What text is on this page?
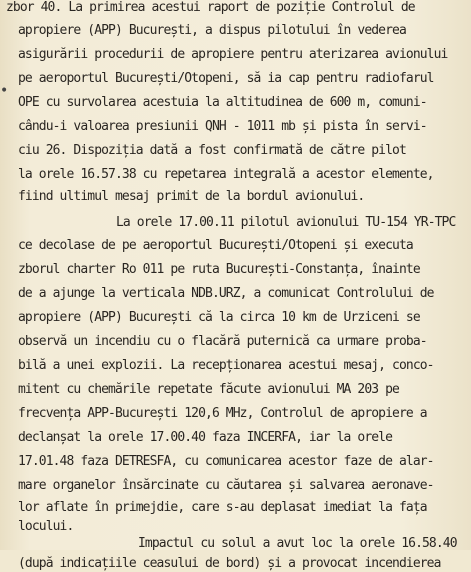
•
zbor 40. La primirea acestui raport de poziție Controlul de
apropiere (APP) București, a dispus pilotului în vederea
asigurării procedurii de apropiere pentru aterizarea avionului
pe aeroportul București/Otopeni, să ia cap pentru radiofarul
OPE cu survolarea acestuia la altitudinea de 600 m, comuni-
cându-i valoarea presiunii QNH - 1011 mb și pista în servi-
ciu 26. Dispoziția dată a fost confirmată de către pilot
la orele 16.57.38 cu repetarea integrală a acestor elemente,
fiind ultimul mesaj primit de la bordul avionului.
La orele 17.00.11 pilotul avionului TU-154 YR-TPC
ce decolase de pe aeroportul București/Otopeni și executa
zborul charter Ro 011 pe ruta București-Constanța, înainte
de a ajunge la verticala NDB.URZ, a comunicat Controlului de
apropiere (APP) București că la circa 10 km de Urziceni se
observă un incendiu cu o flacără puternică ca urmare proba-
bilă a unei explozii. La recepționarea acestui mesaj, conco-
mitent cu chemările repetate făcute avionului MA 203 pe
frecvența APP-București 120,6 MHz, Controlul de apropiere a
declanșat la orele 17.00.40 faza INCERFA, iar la orele
17.01.48 faza DETRESFA, cu comunicarea acestor faze de alar-
mare organelor însărcinate cu căutarea și salvarea aeronave-
lor aflate în primejdie, care s-au deplasat imediat la fața
locului.
Impactul cu solul a avut loc la orele 16.58.40
(după indicațiile ceasului de bord) și a provocat incendierea
